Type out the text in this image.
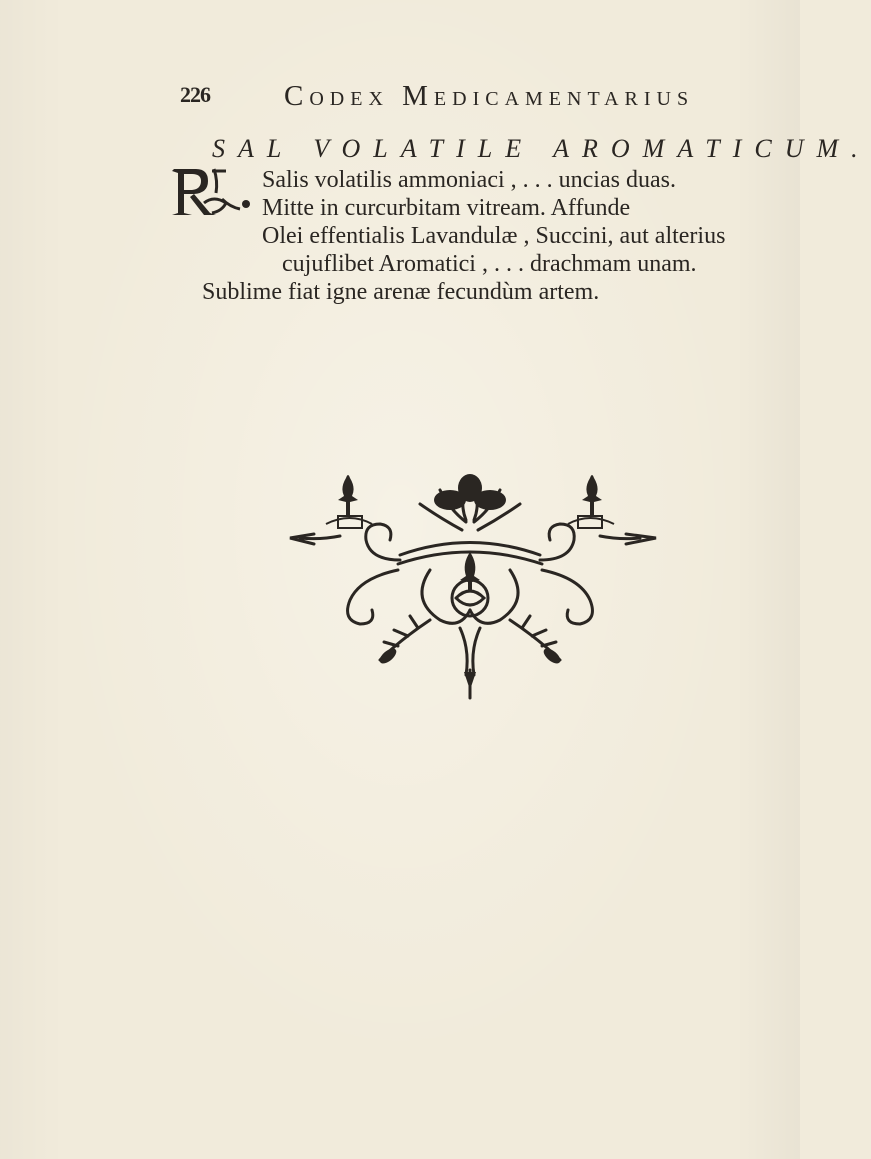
226	Codex Medicamentarius
SAL VOLATILE AROMATICUM.
Salis volatilis ammoniaci , . . . uncias duas.
Mitte in curcurbitam vitream. Affunde
Olei effentialis Lavandulæ , Succini, aut alterius
cujuflibet Aromatici , . . . drachmam unam.
Sublime fiat igne arenæ fecundùm artem.
